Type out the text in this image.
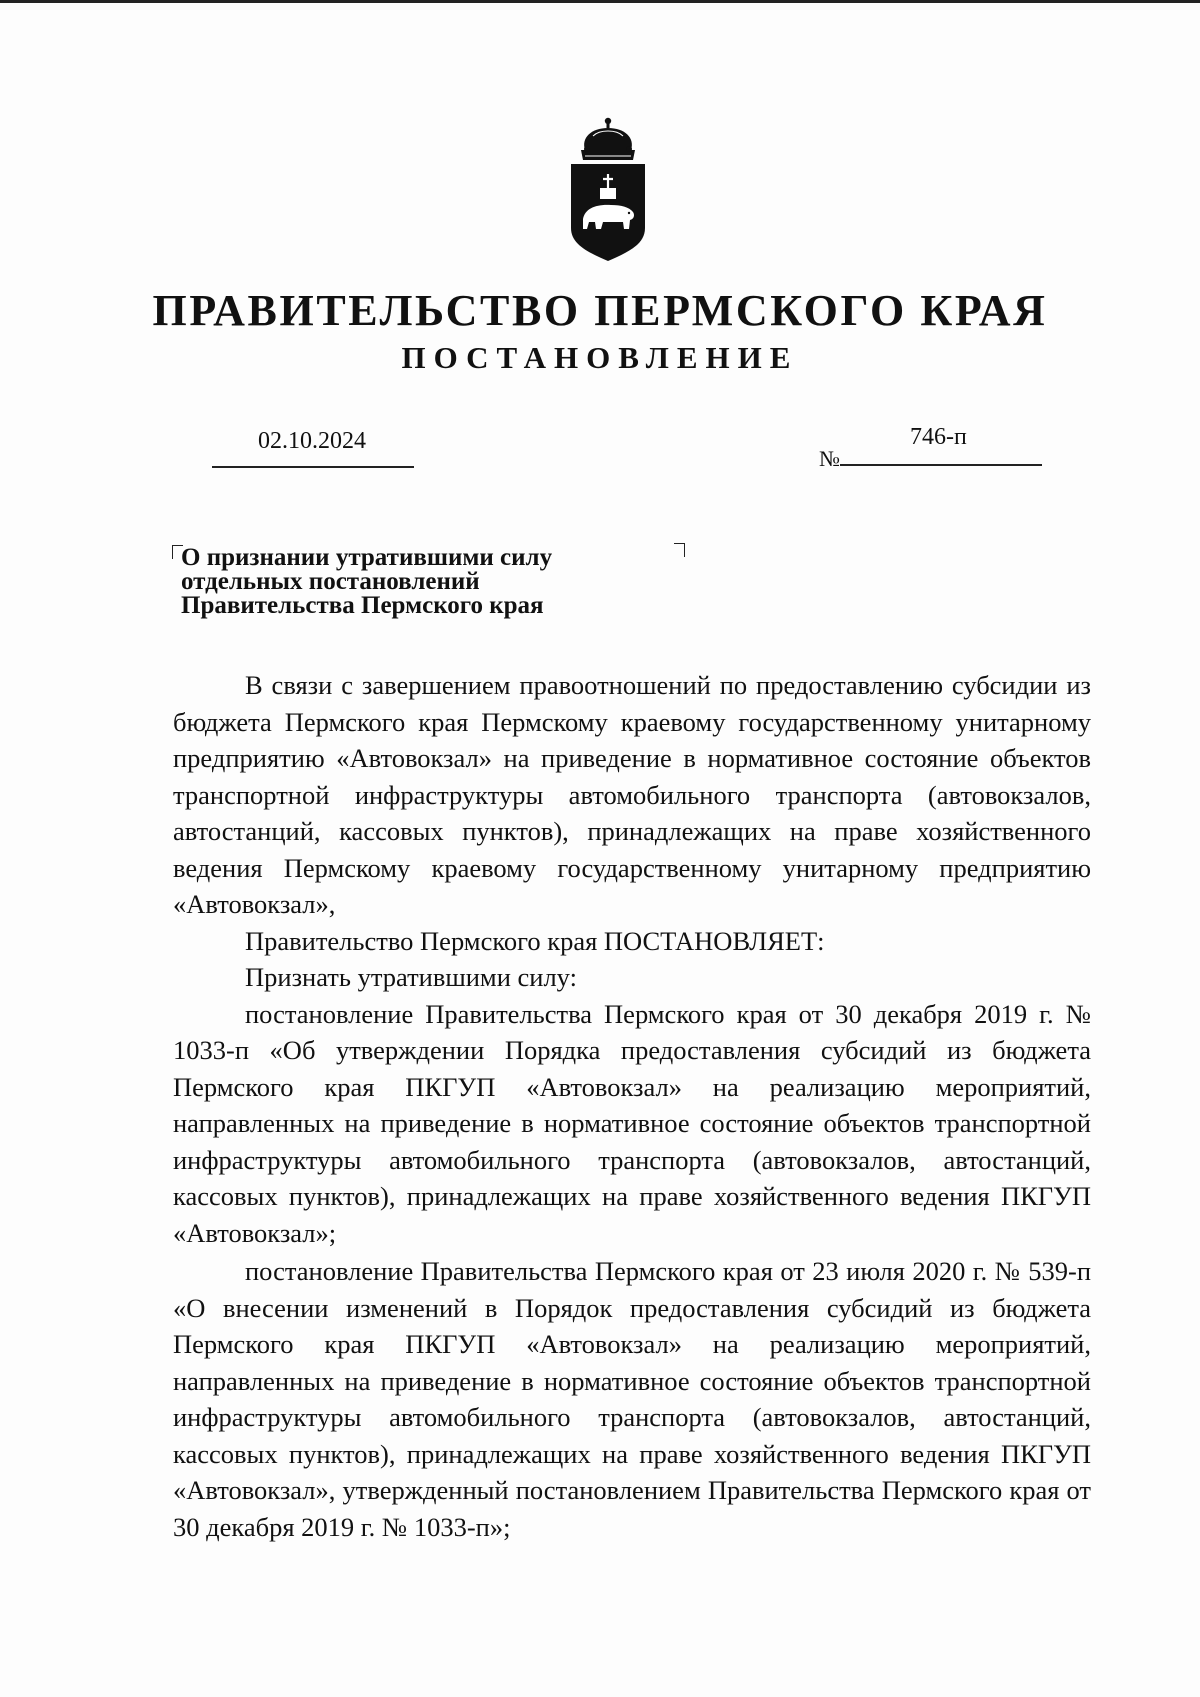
ПРАВИТЕЛЬСТВО ПЕРМСКОГО КРАЯ
ПОСТАНОВЛЕНИЕ
02.10.2024
№
746-п
О признании утратившими силу
отдельных постановлений
Правительства Пермского края

В связи с завершением правоотношений по предоставлению субсидии из бюджета Пермского края Пермскому краевому государственному унитарному предприятию «Автовокзал» на приведение в нормативное состояние объектов транспортной инфраструктуры автомобильного транспорта (автовокзалов, автостанций, кассовых пунктов), принадлежащих на праве хозяйственного ведения Пермскому краевому государственному унитарному предприятию «Автовокзал»,

Правительство Пермского края ПОСТАНОВЛЯЕТ:

Признать утратившими силу:

постановление Правительства Пермского края от 30 декабря 2019 г. № 1033-п «Об утверждении Порядка предоставления субсидий из бюджета Пермского края ПКГУП «Автовокзал» на реализацию мероприятий, направленных на приведение в нормативное состояние объектов транспортной инфраструктуры автомобильного транспорта (автовокзалов, автостанций, кассовых пунктов), принадлежащих на праве хозяйственного ведения ПКГУП «Автовокзал»;

постановление Правительства Пермского края от 23 июля 2020 г. № 539-п «О внесении изменений в Порядок предоставления субсидий из бюджета Пермского края ПКГУП «Автовокзал» на реализацию мероприятий, направленных на приведение в нормативное состояние объектов транспортной инфраструктуры автомобильного транспорта (автовокзалов, автостанций, кассовых пунктов), принадлежащих на праве хозяйственного ведения ПКГУП «Автовокзал», утвержденный постановлением Правительства Пермского края от 30 декабря 2019 г. № 1033-п»;
